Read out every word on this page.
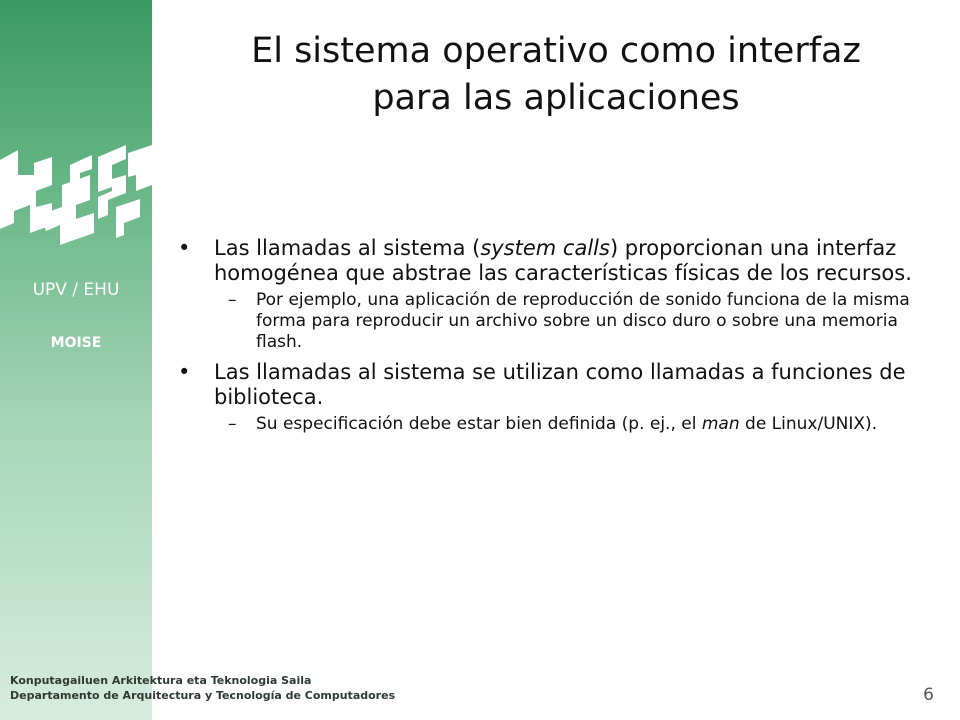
UPV / EHU
MOISE
El sistema operativo como interfaz
para las aplicaciones

• Las llamadas al sistema (system calls) proporcionan una interfaz homogénea que abstrae las características físicas de los recursos.

– Por ejemplo, una aplicación de reproducción de sonido funciona de la misma forma para reproducir un archivo sobre un disco duro o sobre una memoria flash.

• Las llamadas al sistema se utilizan como llamadas a funciones de biblioteca.

– Su especificación debe estar bien definida (p. ej., el man de Linux/UNIX).

Konputagailuen Arkitektura eta Teknologia Saila
Departamento de Arquitectura y Tecnología de Computadores	6
